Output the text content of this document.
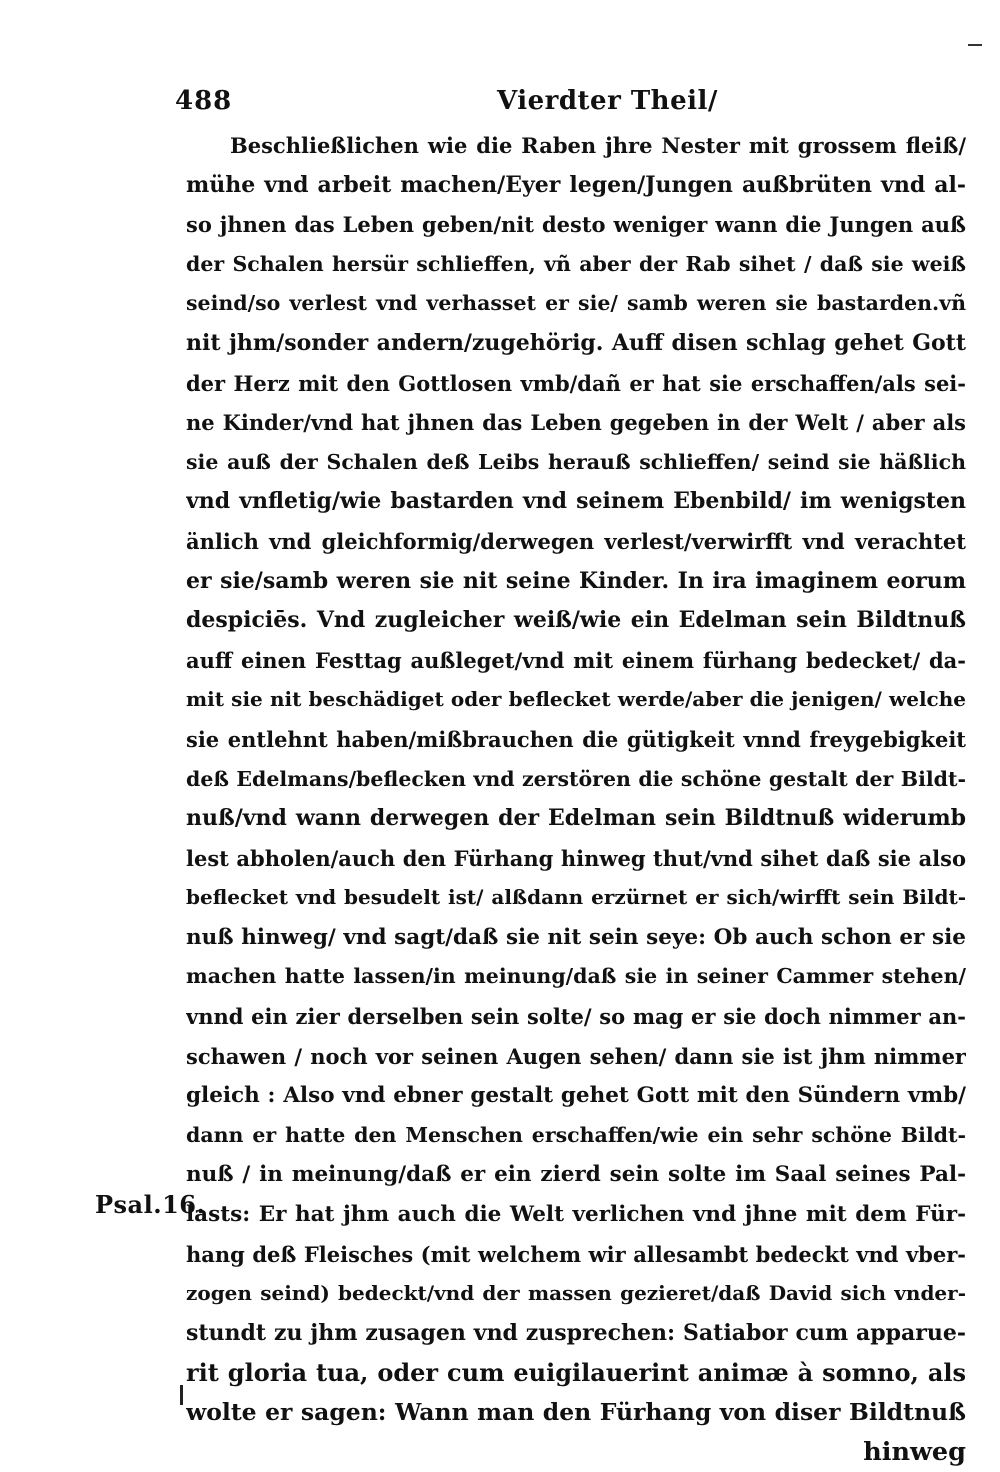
488	Vierdter Theil/
Psal.16.
Beschließlichen wie die Raben jhre Nester mit grossem fleiß/
mühe vnd arbeit machen/Eyer legen/Jungen außbrüten vnd al-
so jhnen das Leben geben/nit desto weniger wann die Jungen auß
der Schalen hersür schlieffen, vñ aber der Rab sihet / daß sie weiß
seind/so verlest vnd verhasset er sie/ samb weren sie bastarden.vñ
nit jhm/sonder andern/zugehörig. Auff disen schlag gehet Gott
der Herz mit den Gottlosen vmb/dañ er hat sie erschaffen/als sei-
ne Kinder/vnd hat jhnen das Leben gegeben in der Welt / aber als
sie auß der Schalen deß Leibs herauß schlieffen/ seind sie häßlich
vnd vnfletig/wie bastarden vnd seinem Ebenbild/ im wenigsten
änlich vnd gleichformig/derwegen verlest/verwirfft vnd verachtet
er sie/samb weren sie nit seine Kinder. In ira imaginem eorum
despiciēs. Vnd zugleicher weiß/wie ein Edelman sein Bildtnuß
auff einen Festtag außleget/vnd mit einem fürhang bedecket/ da-
mit sie nit beschädiget oder beflecket werde/aber die jenigen/ welche
sie entlehnt haben/mißbrauchen die gütigkeit vnnd freygebigkeit
deß Edelmans/beflecken vnd zerstören die schöne gestalt der Bildt-
nuß/vnd wann derwegen der Edelman sein Bildtnuß widerumb
lest abholen/auch den Fürhang hinweg thut/vnd sihet daß sie also
beflecket vnd besudelt ist/ alßdann erzürnet er sich/wirfft sein Bildt-
nuß hinweg/ vnd sagt/daß sie nit sein seye: Ob auch schon er sie
machen hatte lassen/in meinung/daß sie in seiner Cammer stehen/
vnnd ein zier derselben sein solte/ so mag er sie doch nimmer an-
schawen / noch vor seinen Augen sehen/ dann sie ist jhm nimmer
gleich : Also vnd ebner gestalt gehet Gott mit den Sündern vmb/
dann er hatte den Menschen erschaffen/wie ein sehr schöne Bildt-
nuß / in meinung/daß er ein zierd sein solte im Saal seines Pal-
lasts: Er hat jhm auch die Welt verlichen vnd jhne mit dem Für-
hang deß Fleisches (mit welchem wir allesambt bedeckt vnd vber-
zogen seind) bedeckt/vnd der massen gezieret/daß David sich vnder-
stundt zu jhm zusagen vnd zusprechen: Satiabor cum apparue-
rit gloria tua, oder cum euigilauerint animæ à somno, als
wolte er sagen: Wann man den Fürhang von diser Bildtnuß
hinweg
